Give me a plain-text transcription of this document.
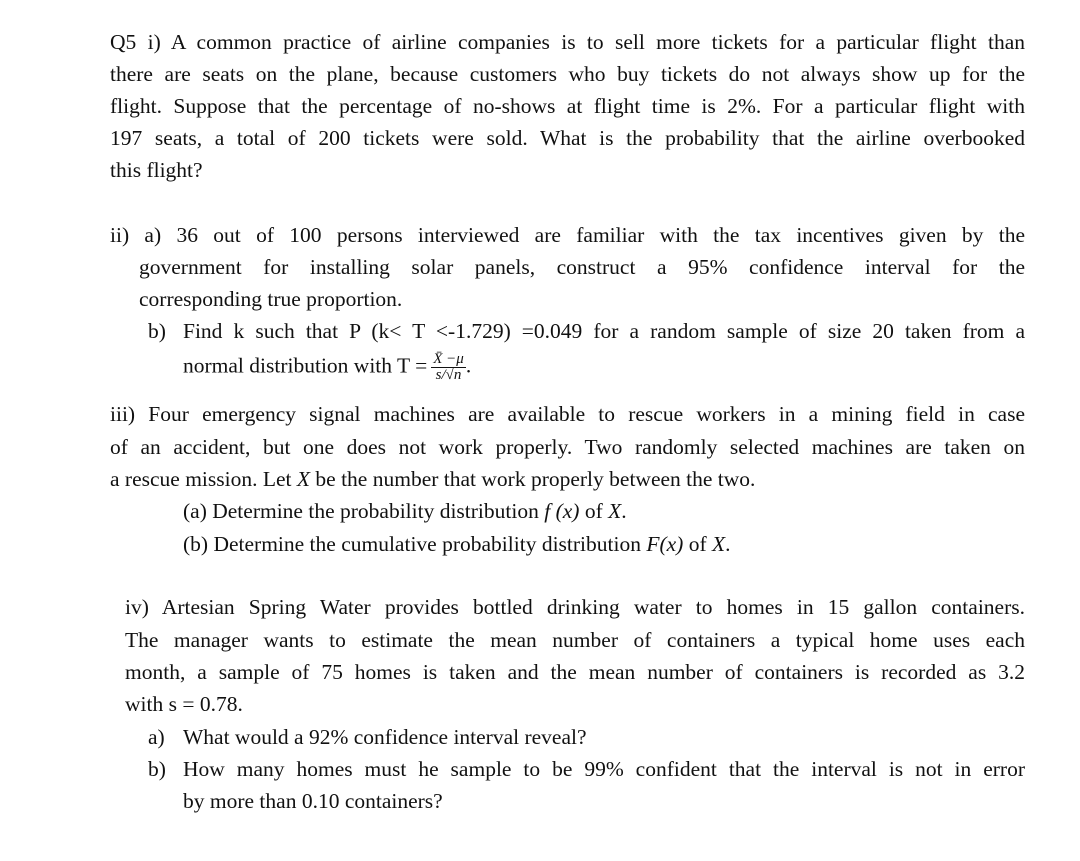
Q5 i) A common practice of airline companies is to sell more tickets for a particular flight than
there are seats on the plane, because customers who buy tickets do not always show up for the
flight. Suppose that the percentage of no-shows at flight time is 2%. For a particular flight with
197 seats, a total of 200 tickets were sold. What is the probability that the airline overbooked
this flight?
ii) a) 36 out of 100 persons interviewed are familiar with the tax incentives given by the
government for installing solar panels, construct a 95% confidence interval for the
corresponding true proportion.
b) Find k such that P (k< T <-1.729) =0.049 for a random sample of size 20 taken from a
normal distribution with $T = \frac{X̄ -\mu}{s/√n}$ .
iii) Four emergency signal machines are available to rescue workers in a mining field in case
of an accident, but one does not work properly. Two randomly selected machines are taken on
a rescue mission. Let X be the number that work properly between the two.
(a) Determine the probability distribution f (x) of X.
(b) Determine the cumulative probability distribution F(x) of X.
iv) Artesian Spring Water provides bottled drinking water to homes in 15 gallon containers.
The manager wants to estimate the mean number of containers a typical home uses each
month, a sample of 75 homes is taken and the mean number of containers is recorded as 3.2
with s = 0.78.
a) What would a 92% confidence interval reveal?
b) How many homes must he sample to be 99% confident that the interval is not in error
by more than 0.10 containers?
